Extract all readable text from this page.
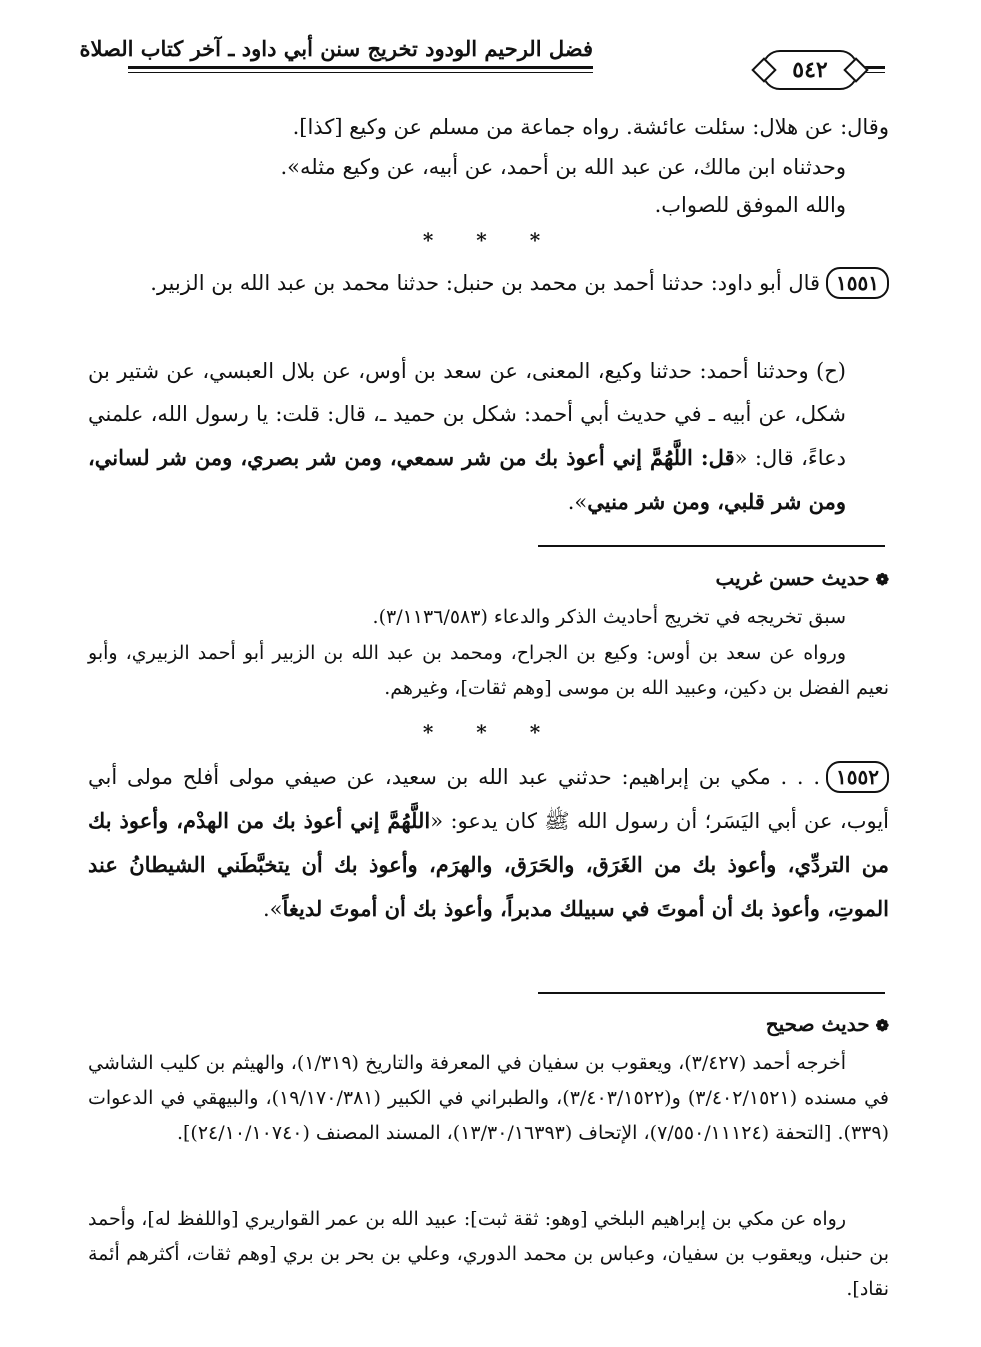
فضل الرحيم الودود تخريج سنن أبي داود ـ آخر كتاب الصلاة
٥٤٢
وقال: عن هلال: سئلت عائشة. رواه جماعة من مسلم عن وكيع [كذا].
وحدثناه ابن مالك، عن عبد الله بن أحمد، عن أبيه، عن وكيع مثله».
والله الموفق للصواب.
* * *
١٥٥١قال أبو داود: حدثنا أحمد بن محمد بن حنبل: حدثنا محمد بن عبد الله بن الزبير.
(ح) وحدثنا أحمد: حدثنا وكيع، المعنى، عن سعد بن أوس، عن بلال العبسي، عن شتير بن شكل، عن أبيه ـ في حديث أبي أحمد: شكل بن حميد ـ، قال: قلت: يا رسول الله، علمني دعاءً، قال: «قل: اللَّهُمَّ إني أعوذ بك من شر سمعي، ومن شر بصري، ومن شر لساني، ومن شر قلبي، ومن شر منيي».
❁حديث حسن غريب
سبق تخريجه في تخريج أحاديث الذكر والدعاء (٣/١١٣٦/٥٨٣).
ورواه عن سعد بن أوس: وكيع بن الجراح، ومحمد بن عبد الله بن الزبير أبو أحمد الزبيري، وأبو نعيم الفضل بن دكين، وعبيد الله بن موسى [وهم ثقات]، وغيرهم.
* * *
١٥٥٢. . . مكي بن إبراهيم: حدثني عبد الله بن سعيد، عن صيفي مولى أفلح مولى أبي أيوب، عن أبي اليَسَر؛ أن رسول الله ﷺ كان يدعو: «اللَّهُمَّ إني أعوذ بك من الهدْم، وأعوذ بك من التردِّي، وأعوذ بك من الغَرَق، والحَرَق، والهرَم، وأعوذ بك أن يتخبَّطَني الشيطانُ عند الموتِ، وأعوذ بك أن أموتَ في سبيلك مدبراً، وأعوذ بك أن أموتَ لديغاً».
❁حديث صحيح
أخرجه أحمد (٣/٤٢٧)، ويعقوب بن سفيان في المعرفة والتاريخ (١/٣١٩)، والهيثم بن كليب الشاشي في مسنده (٣/٤٠٢/١٥٢١) و(٣/٤٠٣/١٥٢٢)، والطبراني في الكبير (١٩/١٧٠/٣٨١)، والبيهقي في الدعوات (٣٣٩). [التحفة (٧/٥٥٠/١١١٢٤)، الإتحاف (١٣/٣٠/١٦٣٩٣)، المسند المصنف (٢٤/١٠/١٠٧٤٠)].
رواه عن مكي بن إبراهيم البلخي [وهو: ثقة ثبت]: عبيد الله بن عمر القواريري [واللفظ له]، وأحمد بن حنبل، ويعقوب بن سفيان، وعباس بن محمد الدوري، وعلي بن بحر بن بري [وهم ثقات، أكثرهم أئمة نقاد].
